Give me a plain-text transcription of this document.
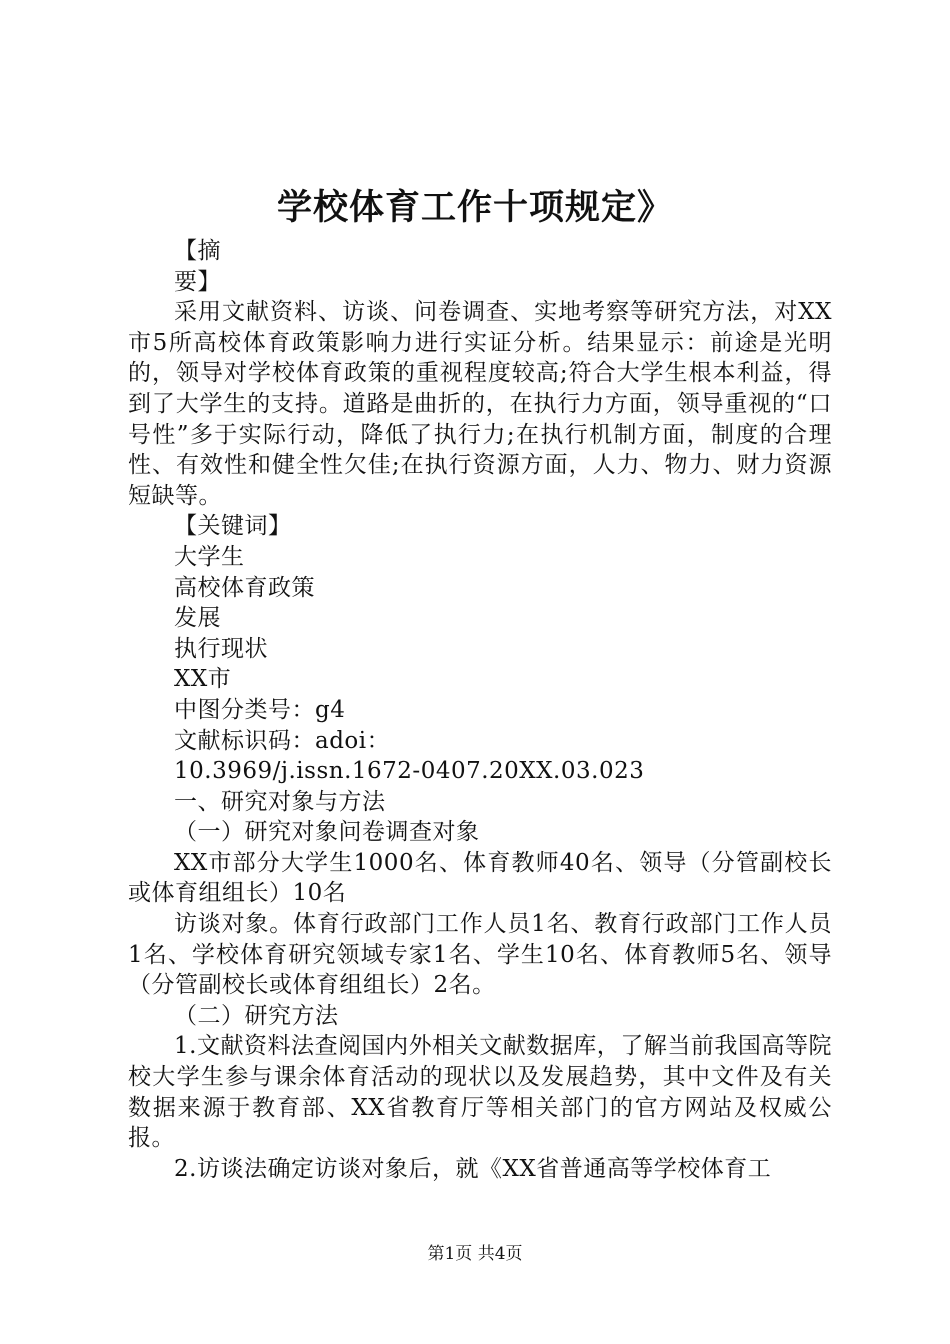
学校体育工作十项规定》

【摘

要】

采用文献资料、访谈、问卷调查、实地考察等研究方法，对XX市5所高校体育政策影响力进行实证分析。结果显示：前途是光明的，领导对学校体育政策的重视程度较高;符合大学生根本利益，得到了大学生的支持。道路是曲折的，在执行力方面，领导重视的“口号性”多于实际行动，降低了执行力;在执行机制方面，制度的合理性、有效性和健全性欠佳;在执行资源方面，人力、物力、财力资源短缺等。

【关键词】

大学生

高校体育政策

发展

执行现状

XX市

中图分类号：g4

文献标识码：adoi：

10.3969/j.issn.1672-0407.20XX.03.023

一、研究对象与方法

（一）研究对象问卷调查对象

XX市部分大学生1000名、体育教师40名、领导（分管副校长或体育组组长）10名

访谈对象。体育行政部门工作人员1名、教育行政部门工作人员1名、学校体育研究领域专家1名、学生10名、体育教师5名、领导（分管副校长或体育组组长）2名。

（二）研究方法

1.文献资料法查阅国内外相关文献数据库，了解当前我国高等院校大学生参与课余体育活动的现状以及发展趋势，其中文件及有关数据来源于教育部、XX省教育厅等相关部门的官方网站及权威公报。

2.访谈法确定访谈对象后，就《XX省普通高等学校体育工

第1页 共4页
